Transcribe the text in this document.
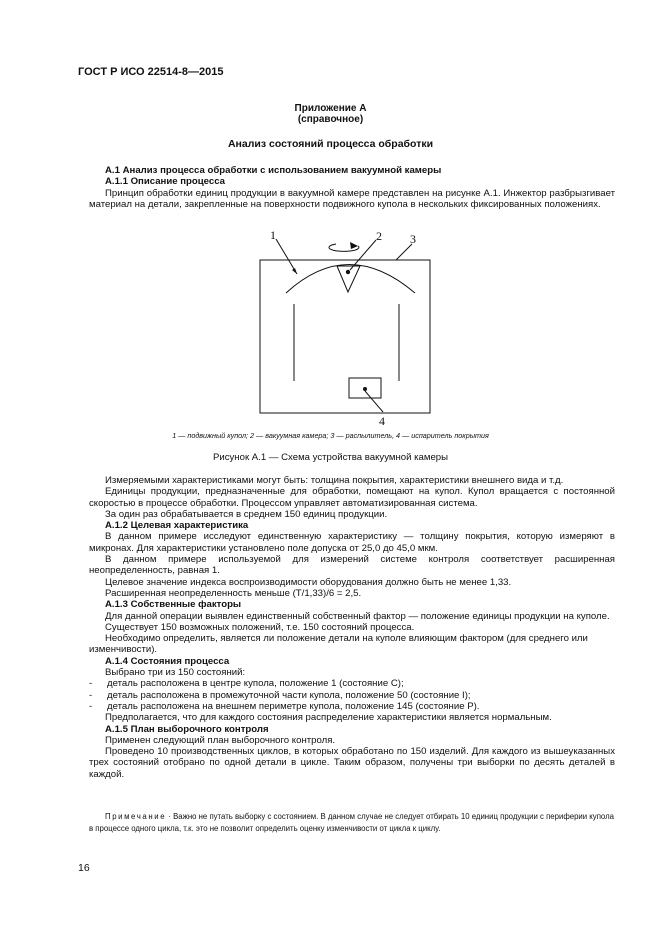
ГОСТ Р ИСО 22514-8—2015
Приложение А
(справочное)
Анализ состояний процесса обработки

А.1 Анализ процесса обработки с использованием вакуумной камеры

А.1.1 Описание процесса

Принцип обработки единиц продукции в вакуумной камере представлен на рисунке А.1. Инжектор разбрызгивает материал на детали, закрепленные на поверхности подвижного купола в нескольких фиксированных положениях.

1	2 3
4
1 — подвижный купол; 2 — вакуумная камера; 3 — распылитель, 4 — испаритель покрытия
Рисунок А.1 — Схема устройства вакуумной камеры

Измеряемыми характеристиками могут быть: толщина покрытия, характеристики внешнего вида и т.д.

Единицы продукции, предназначенные для обработки, помещают на купол. Купол вращается с постоянной скоростью в процессе обработки. Процессом управляет автоматизированная система.

За один раз обрабатывается в среднем 150 единиц продукции.

А.1.2 Целевая характеристика

В данном примере исследуют единственную характеристику — толщину покрытия, которую измеряют в микронах. Для характеристики установлено поле допуска от 25,0 до 45,0 мкм.

В данном примере используемой для измерений системе контроля соответствует расширенная неопределенность, равная 1.

Целевое значение индекса воспроизводимости оборудования должно быть не менее 1,33.

Расширенная неопределенность меньше (T/1,33)/6 = 2,5.

А.1.3 Собственные факторы

Для данной операции выявлен единственный собственный фактор — положение единицы продукции на куполе.

Существует 150 возможных положений, т.е. 150 состояний процесса.

Необходимо определить, является ли положение детали на куполе влияющим фактором (для среднего или изменчивости).

А.1.4 Состояния процесса

Выбрано три из 150 состояний:

-	деталь расположена в центре купола, положение 1 (состояние С);
-	деталь расположена в промежуточной части купола, положение 50 (состояние I);
-	деталь расположена на внешнем периметре купола, положение 145 (состояние Р).

Предполагается, что для каждого состояния распределение характеристики является нормальным.

А.1.5 План выборочного контроля

Применен следующий план выборочного контроля.

Проведено 10 производственных циклов, в которых обработано по 150 изделий. Для каждого из вышеуказанных трех состояний отобрано по одной детали в цикле. Таким образом, получены три выборки по десять деталей в каждой.

Примечание · Важно не путать выборку с состоянием. В данном случае не следует отбирать 10 единиц продукции с периферии купола в процессе одного цикла, т.к. это не позволит определить оценку изменчивости от цикла к циклу.
16
